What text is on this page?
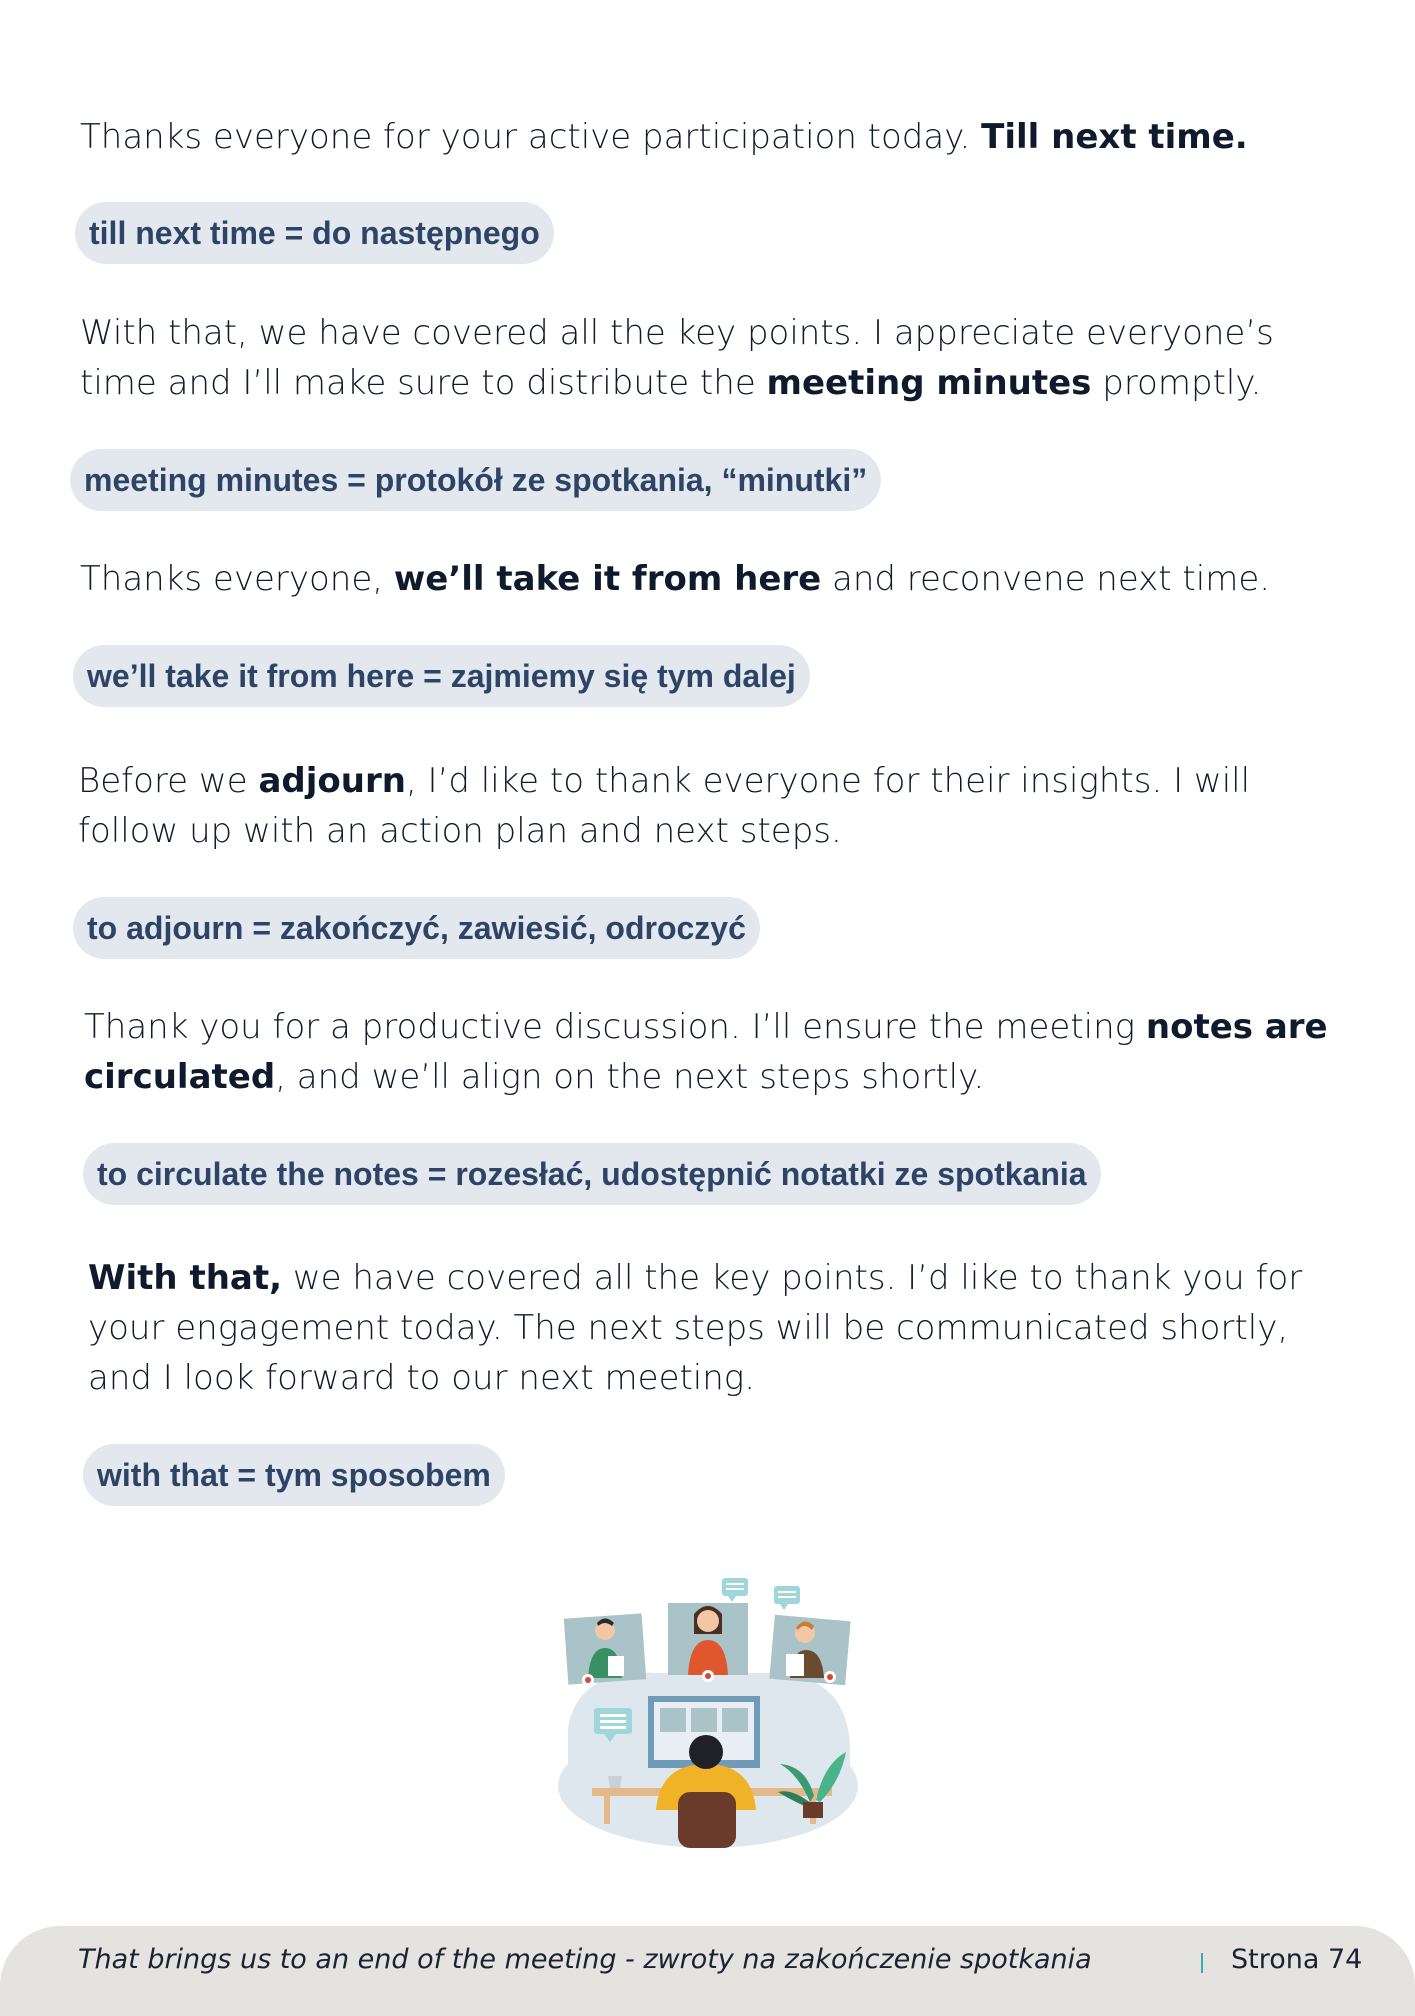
Thanks everyone for your active participation today. Till next time.

till next time = do następnego

With that, we have covered all the key points. I appreciate everyone’s time and I’ll make sure to distribute the meeting minutes promptly.

meeting minutes = protokół ze spotkania, “minutki”

Thanks everyone, we’ll take it from here and reconvene next time.

we’ll take it from here = zajmiemy się tym dalej

Before we adjourn, I’d like to thank everyone for their insights. I will follow up with an action plan and next steps.

to adjourn = zakończyć, zawiesić, odroczyć

Thank you for a productive discussion. I’ll ensure the meeting notes are circulated, and we’ll align on the next steps shortly.

to circulate the notes = rozesłać, udostępnić notatki ze spotkania

With that, we have covered all the key points. I’d like to thank you for your engagement today. The next steps will be communicated shortly, and I look forward to our next meeting.

with that = tym sposobem
That brings us to an end of the meeting - zwroty na zakończenie spotkania	Strona 74
